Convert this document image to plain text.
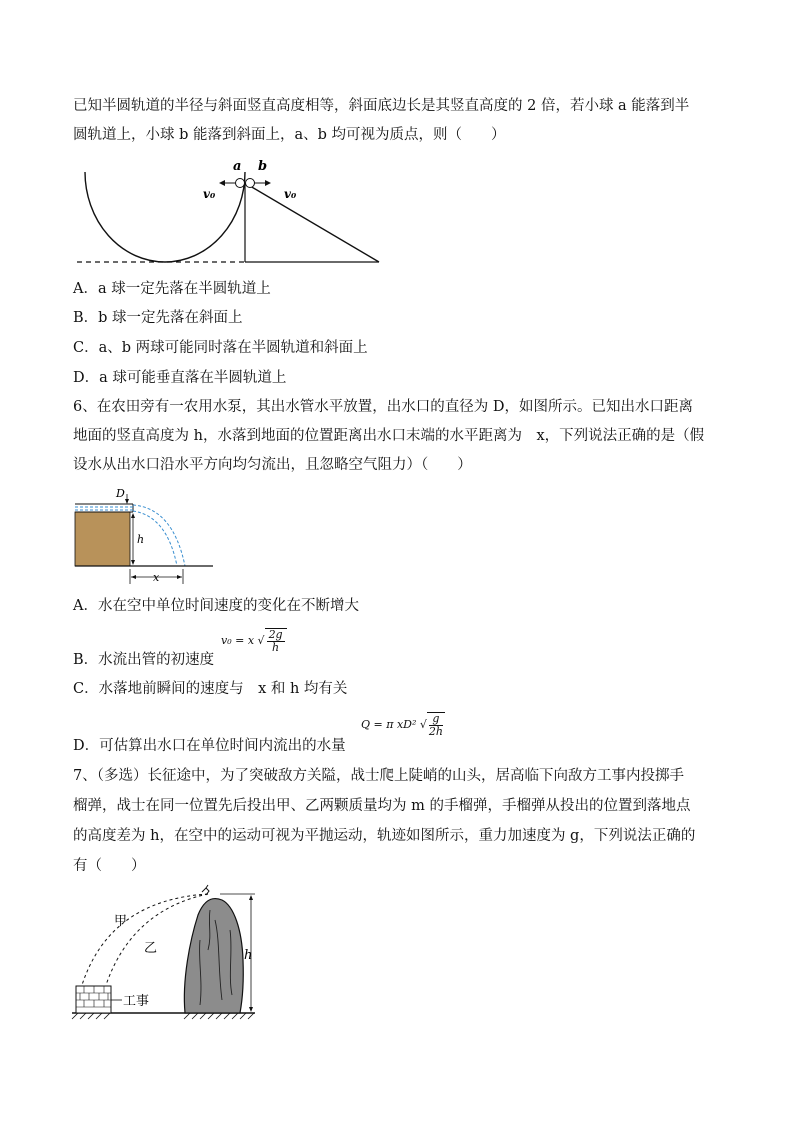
已知半圆轨道的半径与斜面竖直高度相等，斜面底边长是其竖直高度的 2 倍，若小球 a 能落到半
圆轨道上，小球 b 能落到斜面上，a、b 均可视为质点，则（　　）
a b
v₀	v₀
A．a 球一定先落在半圆轨道上
B．b 球一定先落在斜面上
C．a、b 两球可能同时落在半圆轨道和斜面上
D．a 球可能垂直落在半圆轨道上
6、在农田旁有一农用水泵，其出水管水平放置，出水口的直径为 D，如图所示。已知出水口距离
地面的竖直高度为 h，水落到地面的位置距离出水口末端的水平距离为　x，下列说法正确的是（假
设水从出水口沿水平方向均匀流出，且忽略空气阻力）（　　）
D
h
x
A．水在空中单位时间速度的变化在不断增大
B．水流出管的初速度
v₀ = x √ $\frac{2g}{h}$
C．水落地前瞬间的速度与　x 和 h 均有关
D．可估算出水口在单位时间内流出的水量
Q = π xD² √ $\frac{g}{2h}$
7、（多选）长征途中，为了突破敌方关隘，战士爬上陡峭的山头，居高临下向敌方工事内投掷手
榴弹，战士在同一位置先后投出甲、乙两颗质量均为 m 的手榴弹，手榴弹从投出的位置到落地点
的高度差为 h，在空中的运动可视为平抛运动，轨迹如图所示，重力加速度为 g，下列说法正确的
有（　　）
工事
甲
乙	h
